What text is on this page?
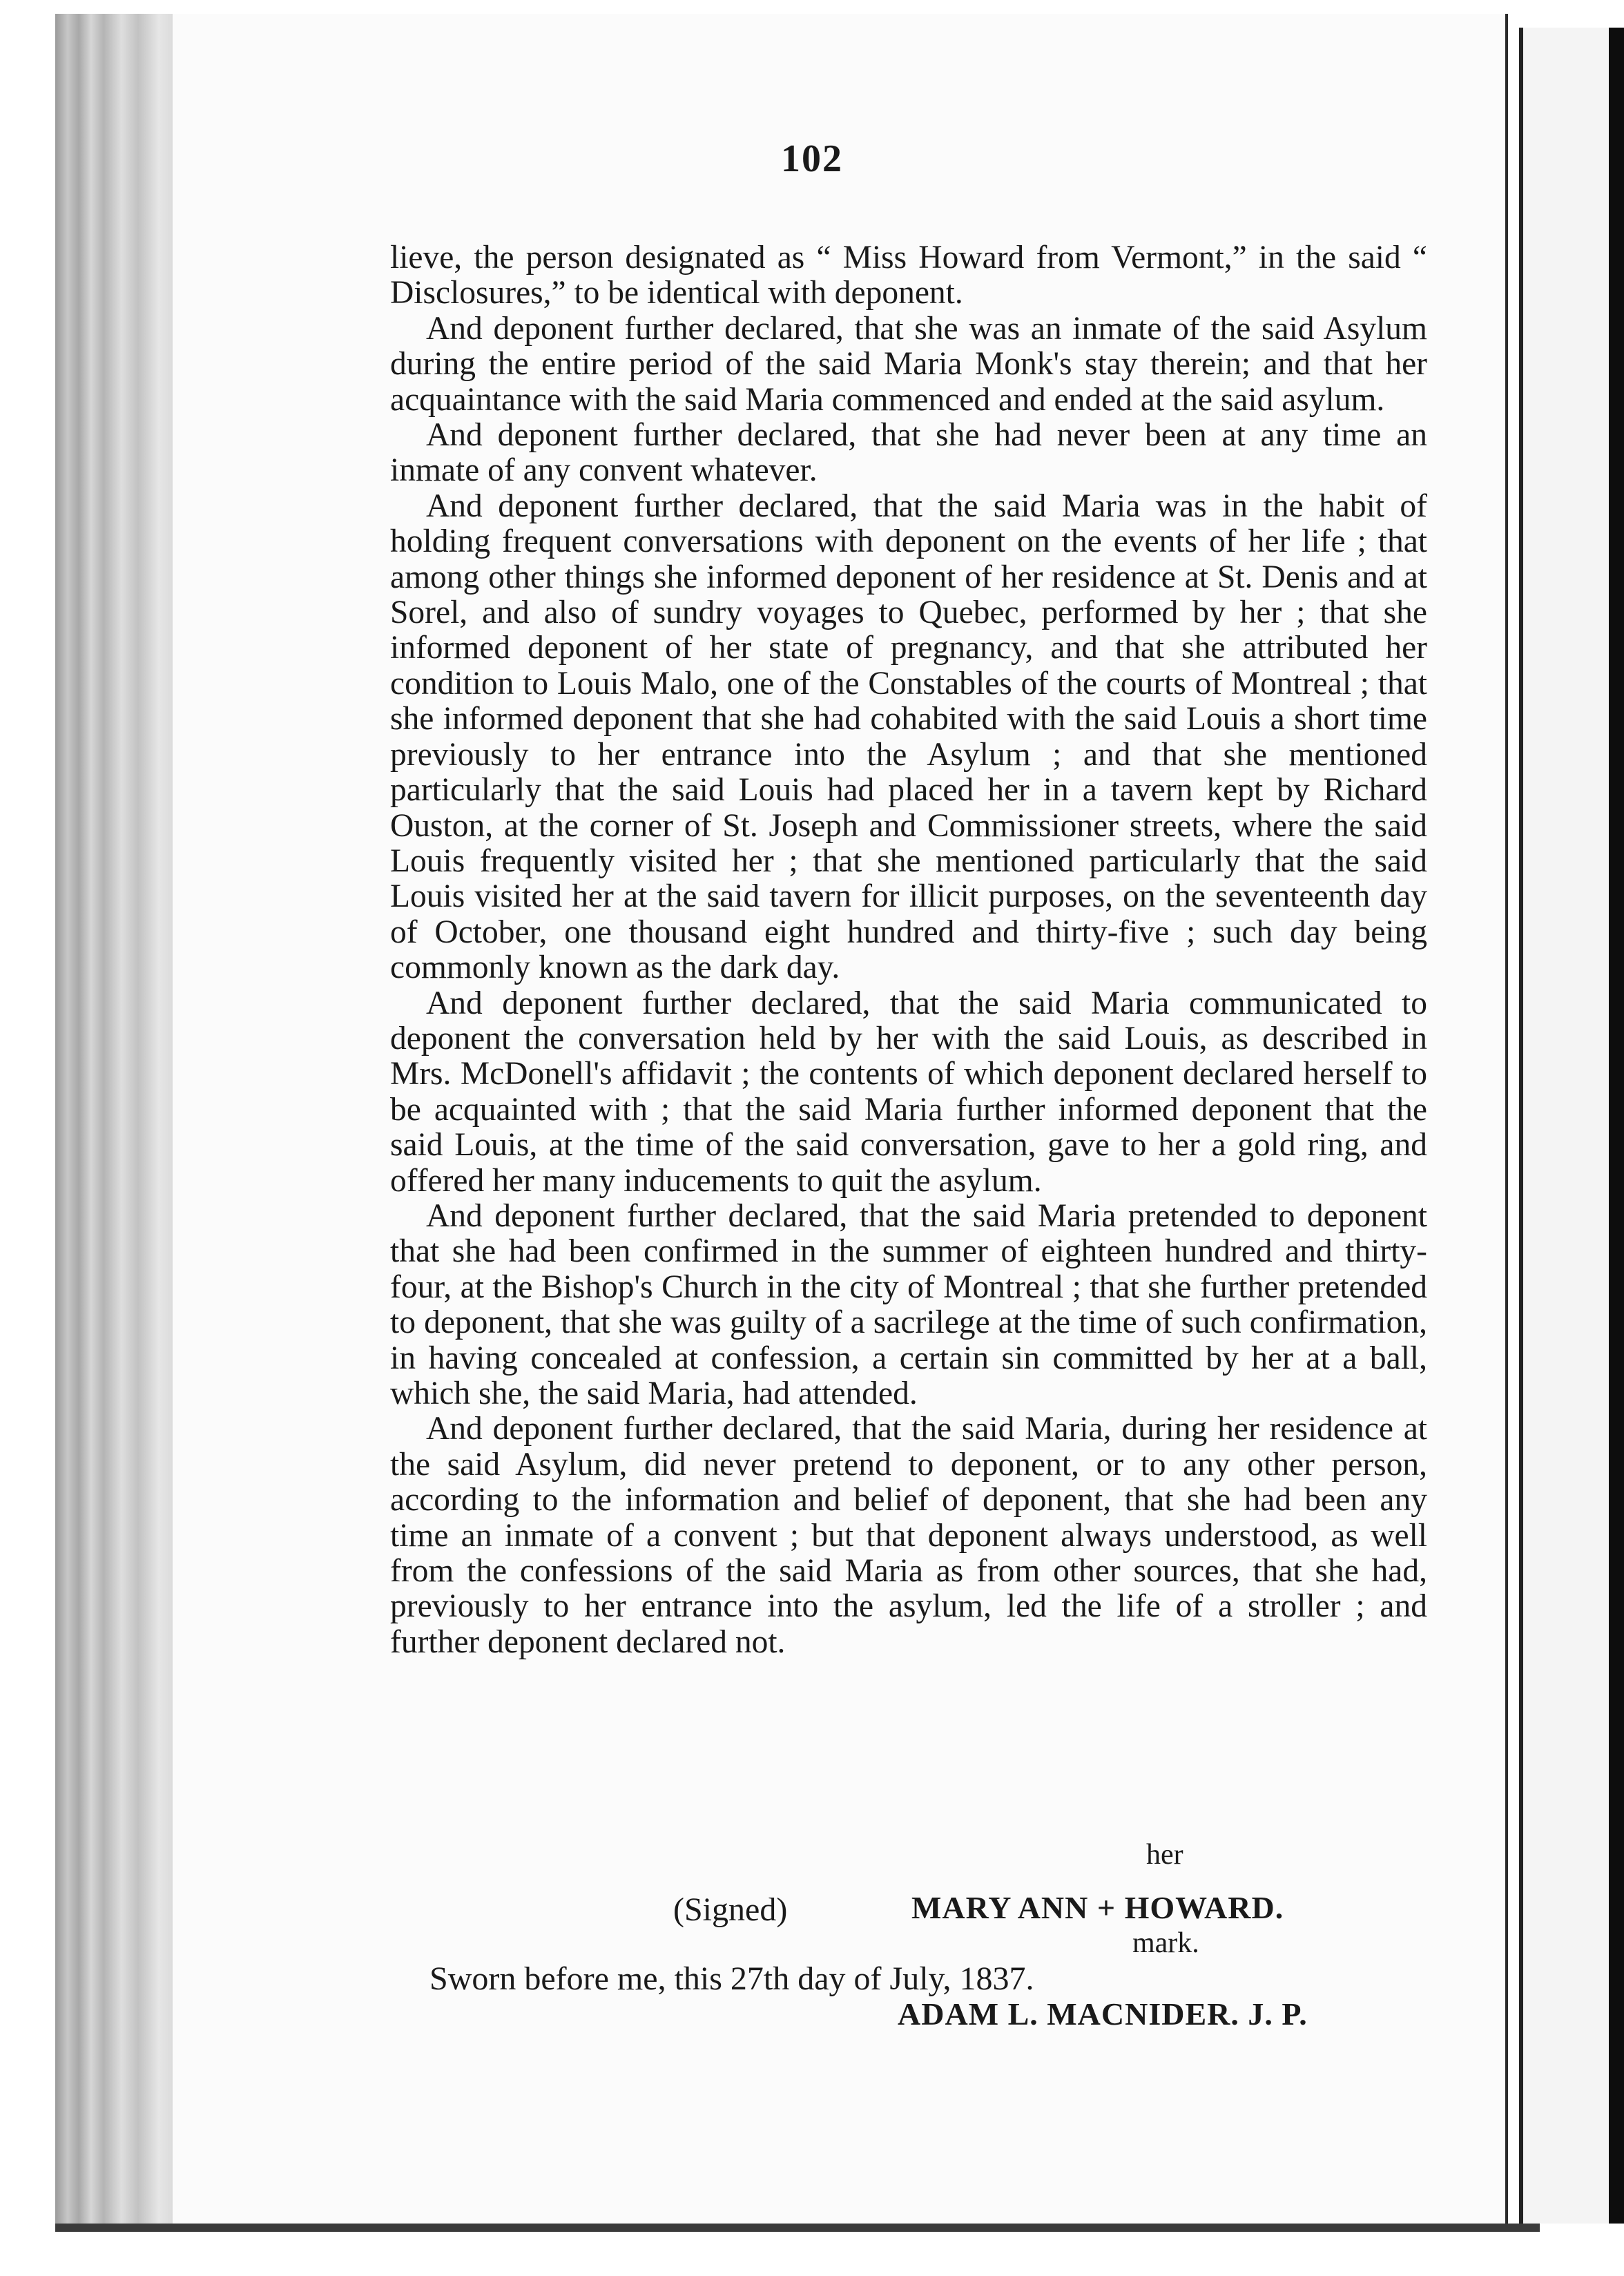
102

lieve, the person designated as “ Miss Howard from Vermont,” in the said “ Disclosures,” to be identical with deponent.

And deponent further declared, that she was an inmate of the said Asylum during the entire period of the said Maria Monk's stay therein; and that her acquaintance with the said Maria commenced and ended at the said asylum.

And deponent further declared, that she had never been at any time an inmate of any convent whatever.

And deponent further declared, that the said Maria was in the habit of holding frequent conversations with deponent on the events of her life ; that among other things she informed deponent of her residence at St. Denis and at Sorel, and also of sundry voyages to Quebec, performed by her ; that she informed deponent of her state of pregnancy, and that she attributed her condition to Louis Malo, one of the Constables of the courts of Montreal ; that she informed deponent that she had cohabited with the said Louis a short time previously to her entrance into the Asylum ; and that she mentioned particularly that the said Louis had placed her in a tavern kept by Richard Ouston, at the corner of St. Joseph and Commissioner streets, where the said Louis frequently visited her ; that she mentioned particularly that the said Louis visited her at the said tavern for illicit purposes, on the seventeenth day of October, one thousand eight hundred and thirty-five ; such day being commonly known as the dark day.

And deponent further declared, that the said Maria communicated to deponent the conversation held by her with the said Louis, as described in Mrs. McDonell's affidavit ; the contents of which deponent declared herself to be acquainted with ; that the said Maria further informed deponent that the said Louis, at the time of the said conversation, gave to her a gold ring, and offered her many inducements to quit the asylum.

And deponent further declared, that the said Maria pretended to deponent that she had been confirmed in the summer of eighteen hundred and thirty-four, at the Bishop's Church in the city of Montreal ; that she further pretended to deponent, that she was guilty of a sacrilege at the time of such confirmation, in having concealed at confession, a certain sin committed by her at a ball, which she, the said Maria, had attended.

And deponent further declared, that the said Maria, during her residence at the said Asylum, did never pretend to deponent, or to any other person, according to the information and belief of deponent, that she had been any time an inmate of a convent ; but that deponent always understood, as well from the confessions of the said Maria as from other sources, that she had, previously to her entrance into the asylum, led the life of a stroller ; and further deponent declared not.

her
(Signed)	MARY ANN + HOWARD.
mark.
Sworn before me, this 27th day of July, 1837.
ADAM L. MACNIDER. J. P.
